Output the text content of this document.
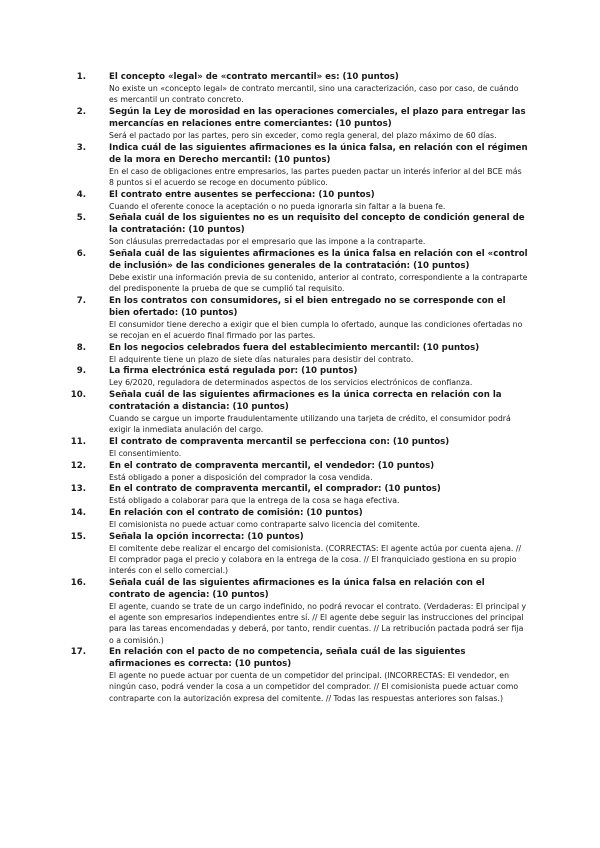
1.	El concepto «legal» de «contrato mercantil» es: (10 puntos)
No existe un «concepto legal» de contrato mercantil, sino una caracterización, caso por caso, de cuándo es mercantil un contrato concreto.
2.	Según la Ley de morosidad en las operaciones comerciales, el plazo para entregar las mercancías en relaciones entre comerciantes: (10 puntos)
Será el pactado por las partes, pero sin exceder, como regla general, del plazo máximo de 60 días.
3.	Indica cuál de las siguientes afirmaciones es la única falsa, en relación con el régimen de la mora en Derecho mercantil: (10 puntos)
En el caso de obligaciones entre empresarios, las partes pueden pactar un interés inferior al del BCE más 8 puntos si el acuerdo se recoge en documento público.
4.	El contrato entre ausentes se perfecciona: (10 puntos)
Cuando el oferente conoce la aceptación o no pueda ignorarla sin faltar a la buena fe.
5.	Señala cuál de los siguientes no es un requisito del concepto de condición general de la contratación: (10 puntos)
Son cláusulas prerredactadas por el empresario que las impone a la contraparte.
6.	Señala cuál de las siguientes afirmaciones es la única falsa en relación con el «control de inclusión» de las condiciones generales de la contratación: (10 puntos)
Debe existir una información previa de su contenido, anterior al contrato, correspondiente a la contraparte del predisponente la prueba de que se cumplió tal requisito.
7.	En los contratos con consumidores, si el bien entregado no se corresponde con el bien ofertado: (10 puntos)
El consumidor tiene derecho a exigir que el bien cumpla lo ofertado, aunque las condiciones ofertadas no se recojan en el acuerdo final firmado por las partes.
8.	En los negocios celebrados fuera del establecimiento mercantil: (10 puntos)
El adquirente tiene un plazo de siete días naturales para desistir del contrato.
9.	La firma electrónica está regulada por: (10 puntos)
Ley 6/2020, reguladora de determinados aspectos de los servicios electrónicos de confianza.
10.	Señala cuál de las siguientes afirmaciones es la única correcta en relación con la contratación a distancia: (10 puntos)
Cuando se cargue un importe fraudulentamente utilizando una tarjeta de crédito, el consumidor podrá exigir la inmediata anulación del cargo.
11.	El contrato de compraventa mercantil se perfecciona con: (10 puntos)
El consentimiento.
12.	En el contrato de compraventa mercantil, el vendedor: (10 puntos)
Está obligado a poner a disposición del comprador la cosa vendida.
13.	En el contrato de compraventa mercantil, el comprador: (10 puntos)
Está obligado a colaborar para que la entrega de la cosa se haga efectiva.
14.	En relación con el contrato de comisión: (10 puntos)
El comisionista no puede actuar como contraparte salvo licencia del comitente.
15.	Señala la opción incorrecta: (10 puntos)
El comitente debe realizar el encargo del comisionista. (CORRECTAS: El agente actúa por cuenta ajena. // El comprador paga el precio y colabora en la entrega de la cosa. // El franquiciado gestiona en su propio interés con el sello comercial.)
16.	Señala cuál de las siguientes afirmaciones es la única falsa en relación con el contrato de agencia: (10 puntos)
El agente, cuando se trate de un cargo indefinido, no podrá revocar el contrato. (Verdaderas: El principal y el agente son empresarios independientes entre sí. // El agente debe seguir las instrucciones del principal para las tareas encomendadas y deberá, por tanto, rendir cuentas. // La retribución pactada podrá ser fija o a comisión.)
17.	En relación con el pacto de no competencia, señala cuál de las siguientes afirmaciones es correcta: (10 puntos)
El agente no puede actuar por cuenta de un competidor del principal. (INCORRECTAS: El vendedor, en ningún caso, podrá vender la cosa a un competidor del comprador. // El comisionista puede actuar como contraparte con la autorización expresa del comitente. // Todas las respuestas anteriores son falsas.)
